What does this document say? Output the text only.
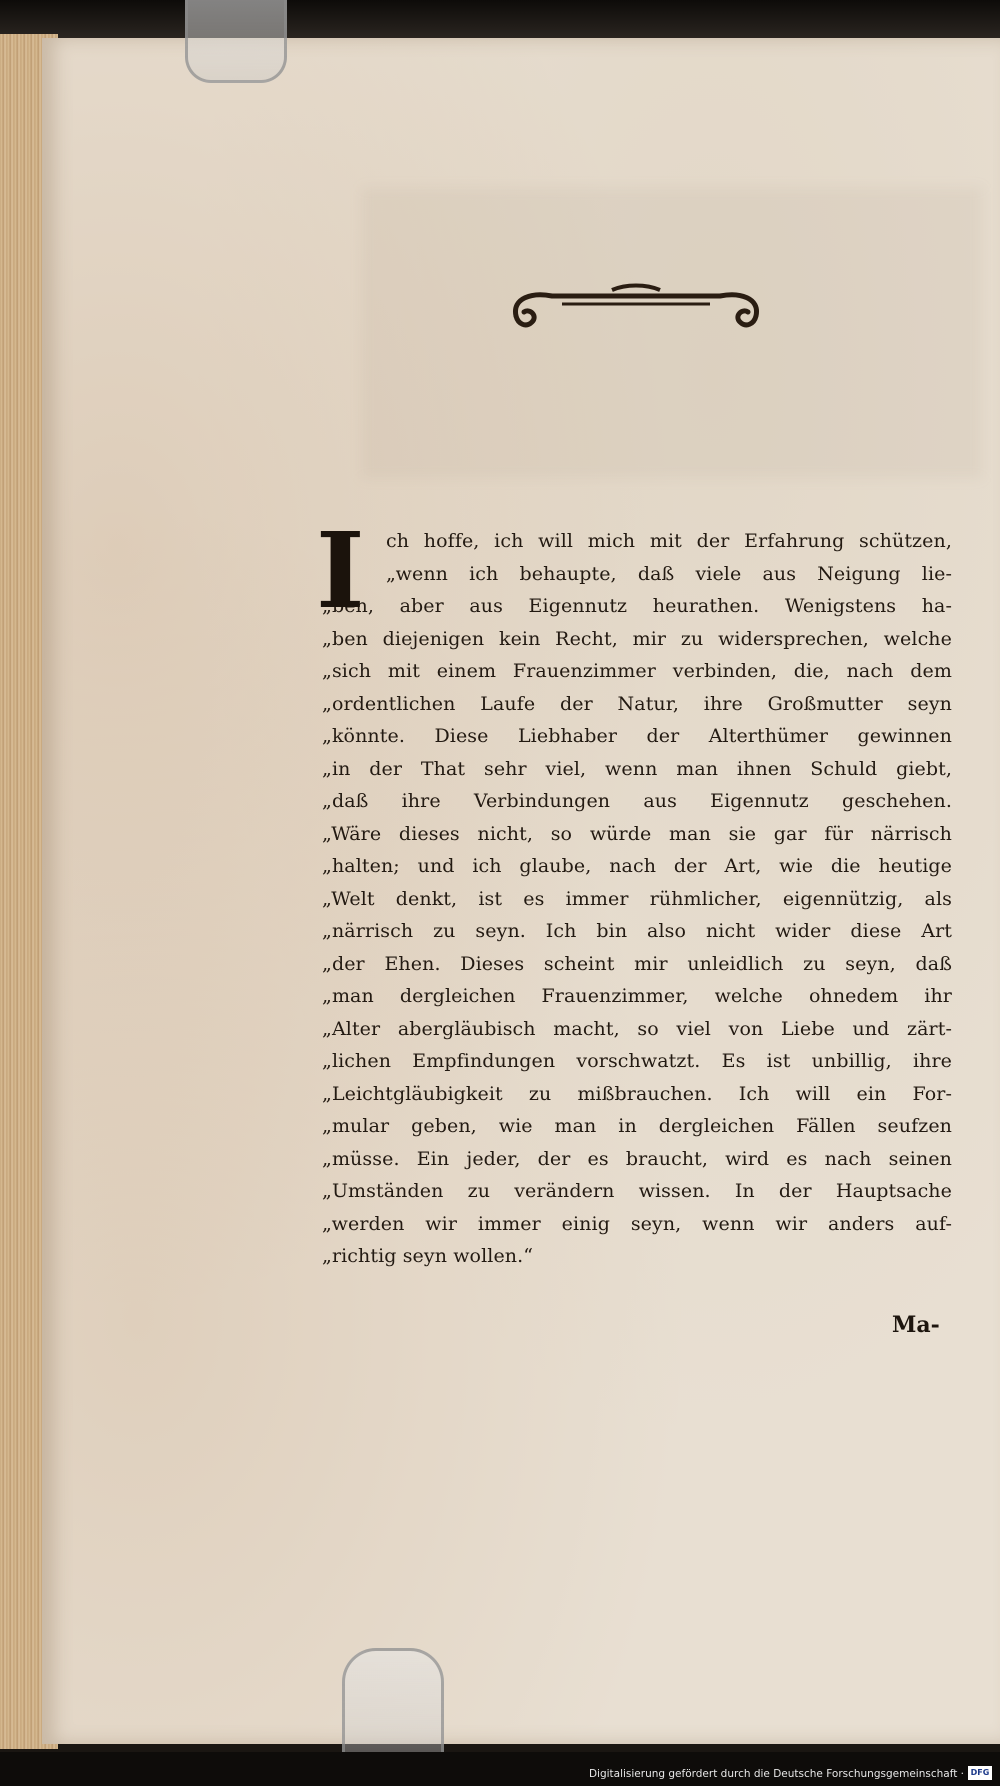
I	ch hoffe, ich will mich mit der Erfahrung schützen,
„wenn ich behaupte, daß viele aus Neigung lie-
„ben, aber aus Eigennutz heurathen. Wenigstens ha-
„ben diejenigen kein Recht, mir zu widersprechen, welche
„sich mit einem Frauenzimmer verbinden, die, nach dem
„ordentlichen Laufe der Natur, ihre Großmutter seyn
„könnte. Diese Liebhaber der Alterthümer gewinnen
„in der That sehr viel, wenn man ihnen Schuld giebt,
„daß ihre Verbindungen aus Eigennutz geschehen.
„Wäre dieses nicht, so würde man sie gar für närrisch
„halten; und ich glaube, nach der Art, wie die heutige
„Welt denkt, ist es immer rühmlicher, eigennützig, als
„närrisch zu seyn. Ich bin also nicht wider diese Art
„der Ehen. Dieses scheint mir unleidlich zu seyn, daß
„man dergleichen Frauenzimmer, welche ohnedem ihr
„Alter abergläubisch macht, so viel von Liebe und zärt-
„lichen Empfindungen vorschwatzt. Es ist unbillig, ihre
„Leichtgläubigkeit zu mißbrauchen. Ich will ein For-
„mular geben, wie man in dergleichen Fällen seufzen
„müsse. Ein jeder, der es braucht, wird es nach seinen
„Umständen zu verändern wissen. In der Hauptsache
„werden wir immer einig seyn, wenn wir anders auf-
„richtig seyn wollen.“
Ma-
Digitalisierung gefördert durch die Deutsche Forschungsgemeinschaft · DFG
